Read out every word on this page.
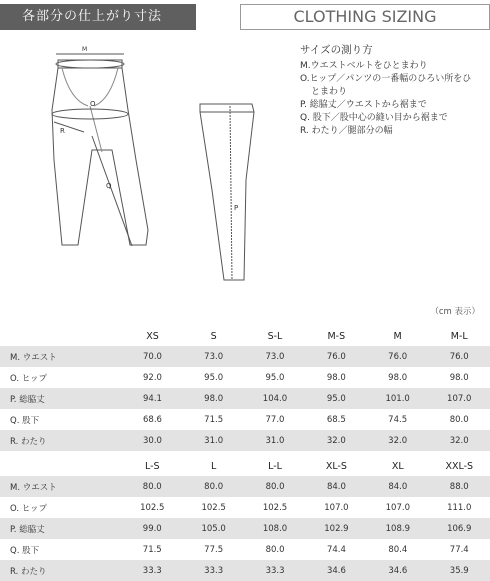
各部分の仕上がり寸法	CLOTHING SIZING
M
O
R
Q
P
サイズの測り方
M.ウエストベルトをひとまわり
O.ヒップ／パンツの一番幅のひろい所をひ
とまわり
P. 総脇丈／ウエストから裾まで
Q. 股下／股中心の縫い目から裾まで
R. わたり／腿部分の幅
（cm 表示）
	XS	S	S-L	M-S	M	M-L
M. ウエスト	70.0	73.0	73.0	76.0	76.0	76.0
O. ヒップ	92.0	95.0	95.0	98.0	98.0	98.0
P. 総脇丈	94.1	98.0	104.0	95.0	101.0	107.0
Q. 股下	68.6	71.5	77.0	68.5	74.5	80.0
R. わたり	30.0	31.0	31.0	32.0	32.0	32.0
	L-S	L	L-L	XL-S	XL	XXL-S
M. ウエスト	80.0	80.0	80.0	84.0	84.0	88.0
O. ヒップ	102.5	102.5	102.5	107.0	107.0	111.0
P. 総脇丈	99.0	105.0	108.0	102.9	108.9	106.9
Q. 股下	71.5	77.5	80.0	74.4	80.4	77.4
R. わたり	33.3	33.3	33.3	34.6	34.6	35.9
